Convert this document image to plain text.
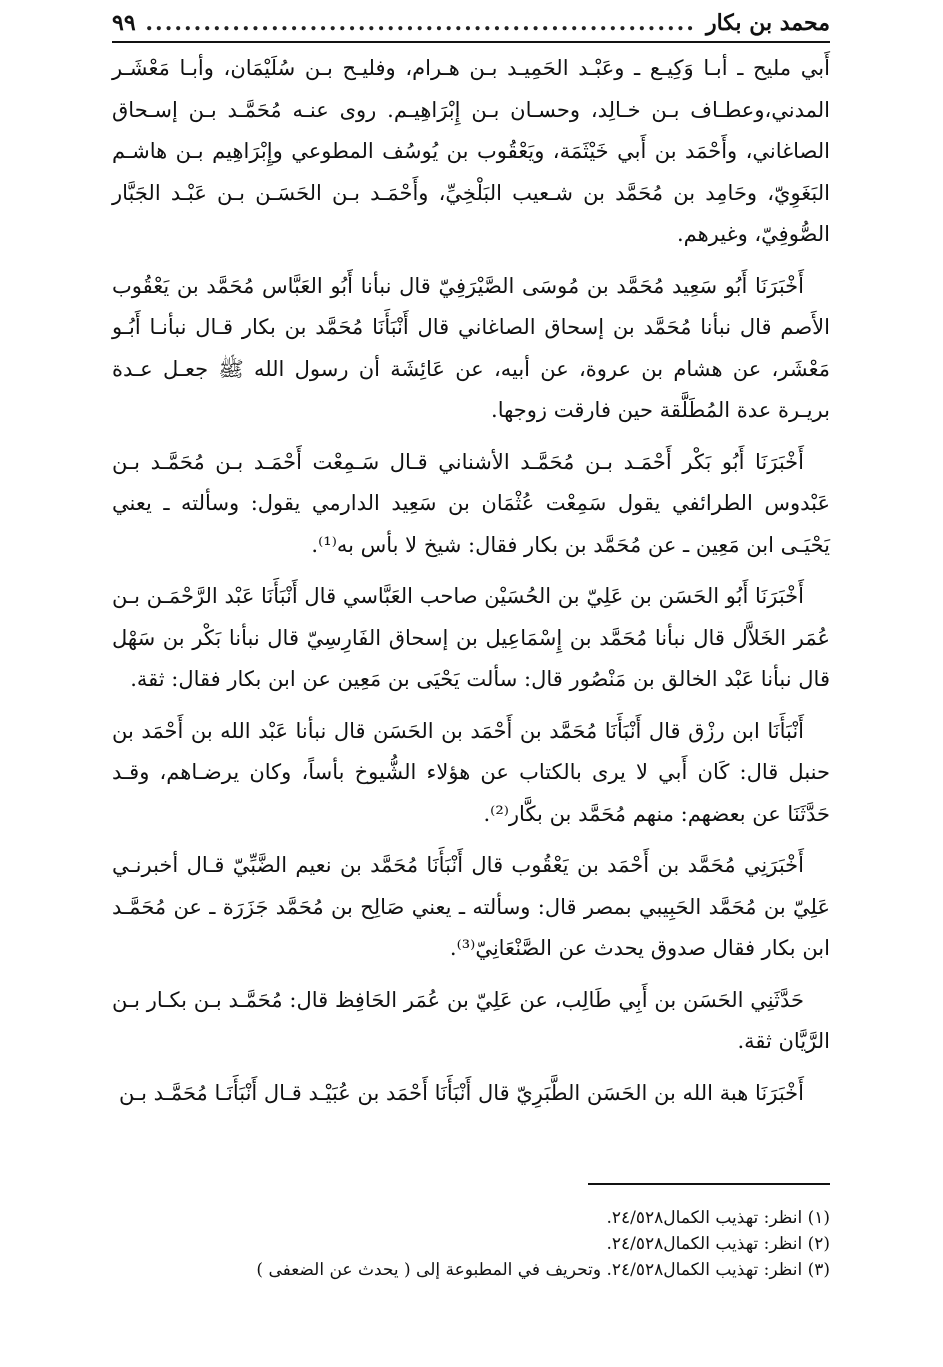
محمد بن بكار
.....
٩٩

أَبي مليح ـ أبـا وَكِيـع ـ وعَبْـد الحَمِيـد بـن هـرام، وفليـح بـن سُلَيْمَان، وأبـا مَعْشَـر المدني،وعطـاف بـن خـالِد، وحسـان بـن إِبْرَاهِيـم. روى عنـه مُحَمَّـد بـن إسـحاق الصاغاني، وأَحْمَد بن أَبي خَيْثَمَة، ويَعْقُوب بن يُوسُف المطوعي وإِبْرَاهِيم بـن هاشـم البَغَوِيّ، وحَامِد بن مُحَمَّد بن شـعيب البَلْخِيِّ، وأَحْمَـد بـن الحَسَـن بـن عَبْـد الجَبَّار الصُّوفِيّ، وغيرهم.

أَخْبَرَنَا أَبُو سَعِيد مُحَمَّد بن مُوسَى الصَّيْرَفِيّ قال نبأنا أَبُو العَبَّاس مُحَمَّد بن يَعْقُوب الأَصم قال نبأنا مُحَمَّد بن إسحاق الصاغاني قال أَنْبَأَنَا مُحَمَّد بن بكار قـال نبأنـا أَبُـو مَعْشَر، عن هشام بن عروة، عن أبيه، عن عَائِشَة أن رسول الله ﷺ جعـل عـدة بريـرة عدة المُطَلَّقة حين فارقت زوجها.

أَخْبَرَنَا أَبُو بَكْر أَحْمَـد بـن مُحَمَّـد الأشناني قـال سَـمِعْت أَحْمَـد بـن مُحَمَّـد بـن عَبْدوس الطرائفي يقول سَمِعْت عُثْمَان بن سَعِيد الدارمي يقول: وسألته ـ يعني يَحْيَـى ابن مَعِين ـ عن مُحَمَّد بن بكار فقال: شيخ لا بأس به⁽¹⁾.

أَخْبَرَنَا أَبُو الحَسَن بن عَلِيّ بن الحُسَيْن صاحب العَبَّاسي قال أَنْبَأَنَا عَبْد الرَّحْمَـن بـن عُمَر الخَلاَّل قال نبأنا مُحَمَّد بن إِسْمَاعِيل بن إسحاق الفَارِسِيّ قال نبأنا بَكْر بن سَهْل قال نبأنا عَبْد الخالق بن مَنْصُور قال: سألت يَحْيَى بن مَعِين عن ابن بكار فقال: ثقة.

أَنْبَأَنَا ابن رزْق قال أَنْبَأَنَا مُحَمَّد بن أَحْمَد بن الحَسَن قال نبأنا عَبْد الله بن أَحْمَد بن حنبل قال: كَان أَبي لا يرى بالكتاب عن هؤلاء الشُّيوخ بأساً، وكان يرضـاهم، وقـد حَدَّثَنَا عن بعضهم: منهم مُحَمَّد بن بكَّار⁽²⁾.

أَخْبَرَنِي مُحَمَّد بن أَحْمَد بن يَعْقُوب قال أَنْبَأَنَا مُحَمَّد بن نعيم الضَّبِّيّ قـال أخبرنـي عَلِيّ بن مُحَمَّد الحَبِيبي بمصر قال: وسألته ـ يعني صَالِح بن مُحَمَّد جَزَرَة ـ عن مُحَمَّـد ابن بكار فقال صدوق يحدث عن الصَّنْعَانِيّ⁽³⁾.

حَدَّثَنِي الحَسَن بن أَبِي طَالِب، عن عَلِيّ بن عُمَر الحَافِظ قال: مُحَمَّـد بـن بكـار بـن الرَّيَّان ثقة.

أَخْبَرَنَا هبة الله بن الحَسَن الطَّبَرِيّ قال أَنْبَأَنَا أَحْمَد بن عُبَيْـد قـال أَنْبَأَنَـا مُحَمَّـد بـن

(١) انظر: تهذيب الكمال٢٤/٥٢٨.

(٢) انظر: تهذيب الكمال٢٤/٥٢٨.

(٣) انظر: تهذيب الكمال٢٤/٥٢٨. وتحريف في المطبوعة إلى ( يحدث عن الضعفى )
